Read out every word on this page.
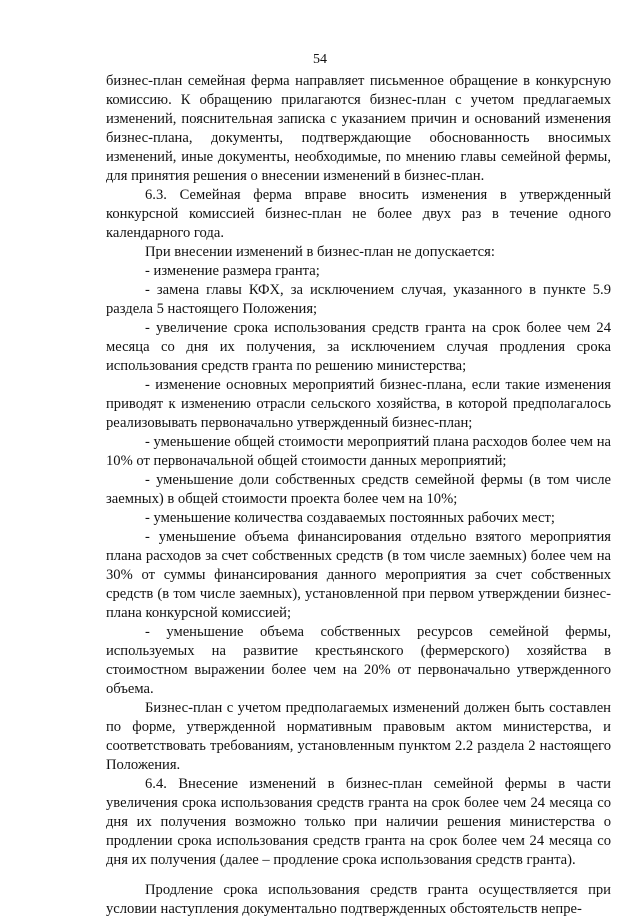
54

бизнес-план семейная ферма направляет письменное обращение в конкурсную комиссию. К обращению прилагаются бизнес-план с учетом предлагаемых изменений, пояснительная записка с указанием причин и оснований изменения бизнес-плана, документы, подтверждающие обоснованность вносимых изменений, иные документы, необходимые, по мнению главы семейной фермы, для принятия решения о внесении изменений в бизнес-план.

6.3. Семейная ферма вправе вносить изменения в утвержденный конкурсной комиссией бизнес-план не более двух раз в течение одного календарного года.

При внесении изменений в бизнес-план не допускается:

- изменение размера гранта;

- замена главы КФХ, за исключением случая, указанного в пункте 5.9 раздела 5 настоящего Положения;

- увеличение срока использования средств гранта на срок более чем 24 месяца со дня их получения, за исключением случая продления срока использования средств гранта по решению министерства;

- изменение основных мероприятий бизнес-плана, если такие изменения приводят к изменению отрасли сельского хозяйства, в которой предполагалось реализовывать первоначально утвержденный бизнес-план;

- уменьшение общей стоимости мероприятий плана расходов более чем на 10% от первоначальной общей стоимости данных мероприятий;

- уменьшение доли собственных средств семейной фермы (в том числе заемных) в общей стоимости проекта более чем на 10%;

- уменьшение количества создаваемых постоянных рабочих мест;

- уменьшение объема финансирования отдельно взятого мероприятия плана расходов за счет собственных средств (в том числе заемных) более чем на 30% от суммы финансирования данного мероприятия за счет собственных средств (в том числе заемных), установленной при первом утверждении бизнес-плана конкурсной комиссией;

- уменьшение объема собственных ресурсов семейной фермы, используемых на развитие крестьянского (фермерского) хозяйства в стоимостном выражении более чем на 20% от первоначально утвержденного объема.

Бизнес-план с учетом предполагаемых изменений должен быть составлен по форме, утвержденной нормативным правовым актом министерства, и соответствовать требованиям, установленным пунктом 2.2 раздела 2 настоящего Положения.

6.4. Внесение изменений в бизнес-план семейной фермы в части увеличения срока использования средств гранта на срок более чем 24 месяца со дня их получения возможно только при наличии решения министерства о продлении срока использования средств гранта на срок более чем 24 месяца со дня их получения (далее – продление срока использования средств гранта).

Продление срока использования средств гранта осуществляется при условии наступления документально подтвержденных обстоятельств непре-
